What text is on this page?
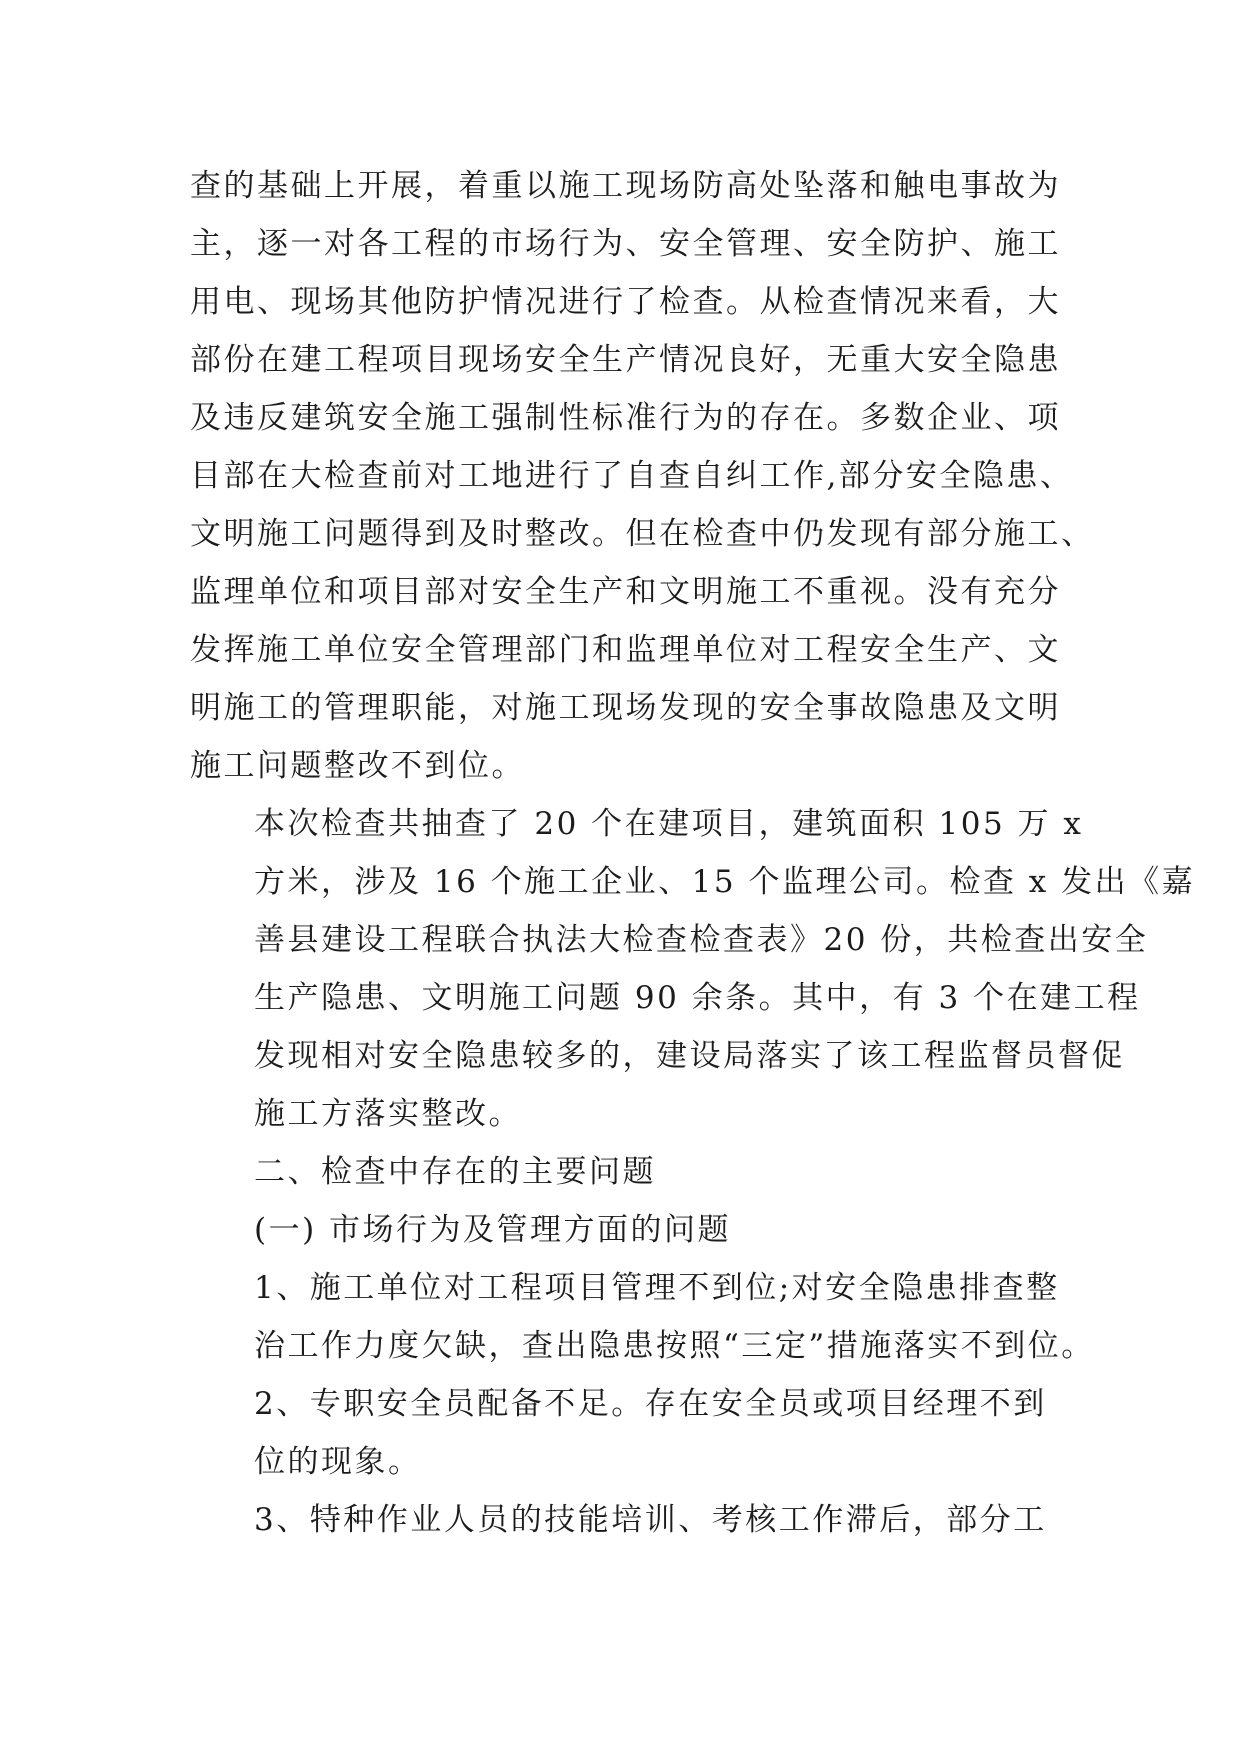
查的基础上开展，着重以施工现场防高处坠落和触电事故为
主，逐一对各工程的市场行为、安全管理、安全防护、施工
用电、现场其他防护情况进行了检查。从检查情况来看，大
部份在建工程项目现场安全生产情况良好，无重大安全隐患
及违反建筑安全施工强制性标准行为的存在。多数企业、项
目部在大检查前对工地进行了自查自纠工作,部分安全隐患、
文明施工问题得到及时整改。但在检查中仍发现有部分施工、
监理单位和项目部对安全生产和文明施工不重视。没有充分
发挥施工单位安全管理部门和监理单位对工程安全生产、文
明施工的管理职能，对施工现场发现的安全事故隐患及文明
施工问题整改不到位。

本次检查共抽查了 20 个在建项目，建筑面积 105 万 x
方米，涉及 16 个施工企业、15 个监理公司。检查 x 发出《嘉
善县建设工程联合执法大检查检查表》20 份，共检查出安全
生产隐患、文明施工问题 90 余条。其中，有 3 个在建工程
发现相对安全隐患较多的，建设局落实了该工程监督员督促
施工方落实整改。

二、检查中存在的主要问题

(一) 市场行为及管理方面的问题

1、施工单位对工程项目管理不到位;对安全隐患排查整
治工作力度欠缺，查出隐患按照“三定”措施落实不到位。

2、专职安全员配备不足。存在安全员或项目经理不到
位的现象。

3、特种作业人员的技能培训、考核工作滞后，部分工
